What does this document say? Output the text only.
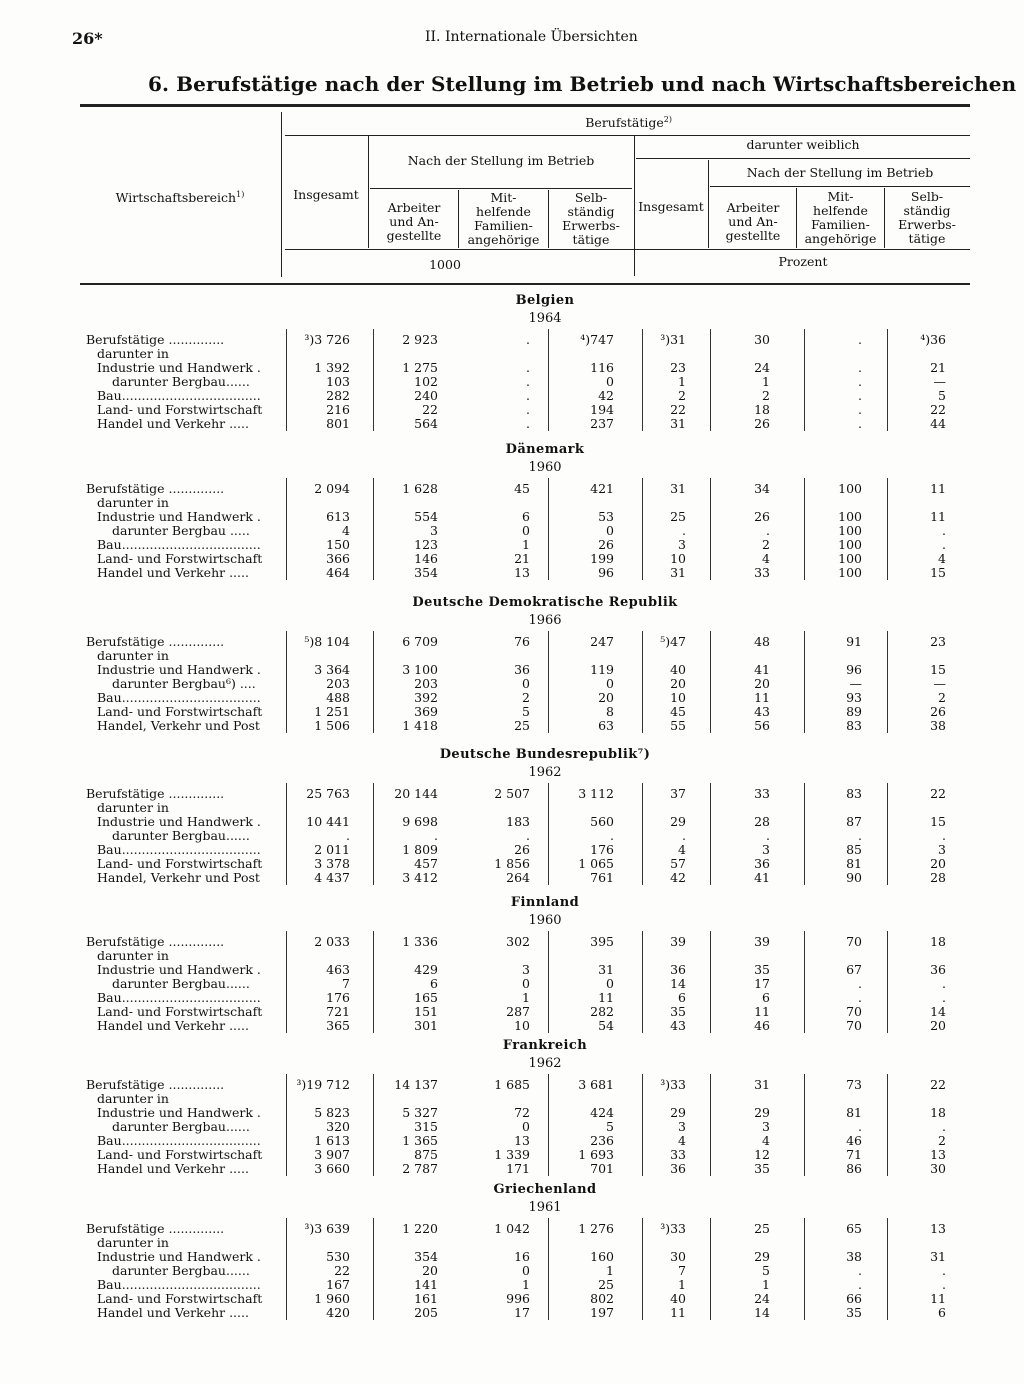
26*	II. Internationale Übersichten
6. Berufstätige nach der Stellung im Betrieb und nach Wirtschaftsbereichen
Wirtschaftsbereich$^{1)}$
Berufstätige$^{2)}$
Insgesamt
Nach der Stellung im Betrieb
Arbeiter
und An-
gestellte
Mit-
helfende
Familien-
angehörige
Selb-
ständig
Erwerbs-
tätige
darunter weiblich
Insgesamt
Nach der Stellung im Betrieb
Arbeiter
und An-
gestellte
Mit-
helfende
Familien-
angehörige
Selb-
ständig
Erwerbs-
tätige
1000	Prozent
Belgien
1964
Berufstätige ..............	³)3 726	2 923	.	⁴)747	³)31	30	.	⁴)36
darunter in
Industrie und Handwerk .	1 392	1 275	.	116	23	24	.	21
darunter Bergbau......	103	102	.	0	1	1	.	—
Bau...................................	282	240	.	42	2	2	.	5
Land- und Forstwirtschaft	216	22	.	194	22	18	.	22
Handel und Verkehr .....	801	564	.	237	31	26	.	44
Dänemark
1960
Berufstätige ..............	2 094	1 628	45	421	31	34	100	11
darunter in
Industrie und Handwerk .	613	554	6	53	25	26	100	11
darunter Bergbau .....	4	3	0	0	.	.	100	.
Bau...................................	150	123	1	26	3	2	100	.
Land- und Forstwirtschaft	366	146	21	199	10	4	100	4
Handel und Verkehr .....	464	354	13	96	31	33	100	15
Deutsche Demokratische Republik
1966
Berufstätige ..............	⁵)8 104	6 709	76	247	⁵)47	48	91	23
darunter in
Industrie und Handwerk .	3 364	3 100	36	119	40	41	96	15
darunter Bergbau⁶) ....	203	203	0	0	20	20	—	—
Bau...................................	488	392	2	20	10	11	93	2
Land- und Forstwirtschaft	1 251	369	5	8	45	43	89	26
Handel, Verkehr und Post	1 506	1 418	25	63	55	56	83	38
Deutsche Bundesrepublik⁷)
1962
Berufstätige ..............	25 763	20 144	2 507	3 112	37	33	83	22
darunter in
Industrie und Handwerk .	10 441	9 698	183	560	29	28	87	15
darunter Bergbau......	.	.	.	.	.	.	.	.
Bau...................................	2 011	1 809	26	176	4	3	85	3
Land- und Forstwirtschaft	3 378	457	1 856	1 065	57	36	81	20
Handel, Verkehr und Post	4 437	3 412	264	761	42	41	90	28
Finnland
1960
Berufstätige ..............	2 033	1 336	302	395	39	39	70	18
darunter in
Industrie und Handwerk .	463	429	3	31	36	35	67	36
darunter Bergbau......	7	6	0	0	14	17	.	.
Bau...................................	176	165	1	11	6	6	.	.
Land- und Forstwirtschaft	721	151	287	282	35	11	70	14
Handel und Verkehr .....	365	301	10	54	43	46	70	20
Frankreich
1962
Berufstätige ..............	³)19 712	14 137	1 685	3 681	³)33	31	73	22
darunter in
Industrie und Handwerk .	5 823	5 327	72	424	29	29	81	18
darunter Bergbau......	320	315	0	5	3	3	.	.
Bau...................................	1 613	1 365	13	236	4	4	46	2
Land- und Forstwirtschaft	3 907	875	1 339	1 693	33	12	71	13
Handel und Verkehr .....	3 660	2 787	171	701	36	35	86	30
Griechenland
1961
Berufstätige ..............	³)3 639	1 220	1 042	1 276	³)33	25	65	13
darunter in
Industrie und Handwerk .	530	354	16	160	30	29	38	31
darunter Bergbau......	22	20	0	1	7	5	.	.
Bau...................................	167	141	1	25	1	1	.	.
Land- und Forstwirtschaft	1 960	161	996	802	40	24	66	11
Handel und Verkehr .....	420	205	17	197	11	14	35	6
